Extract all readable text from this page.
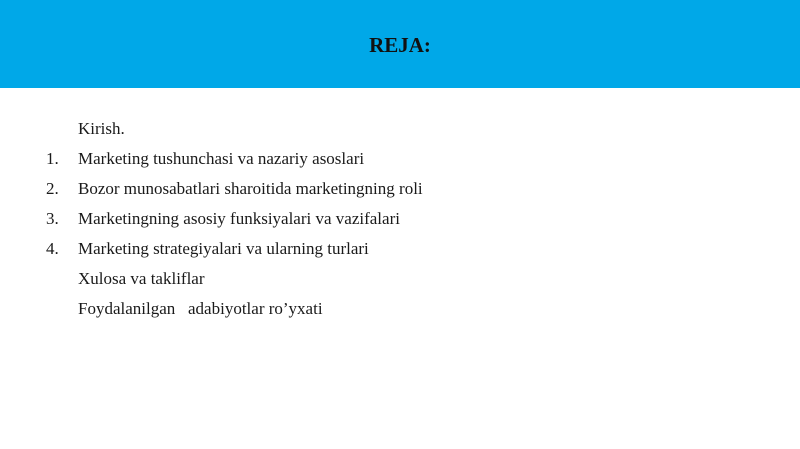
REJA:

Kirish.

1.

Marketing tushunchasi va nazariy asoslari

2.

Bozor munosabatlari sharoitida marketingning roli

3.

Marketingning asosiy funksiyalari va vazifalari

4.

Marketing strategiyalari va ularning turlari

Xulosa va takliflar

Foydalanilgan   adabiyotlar ro’yxati
